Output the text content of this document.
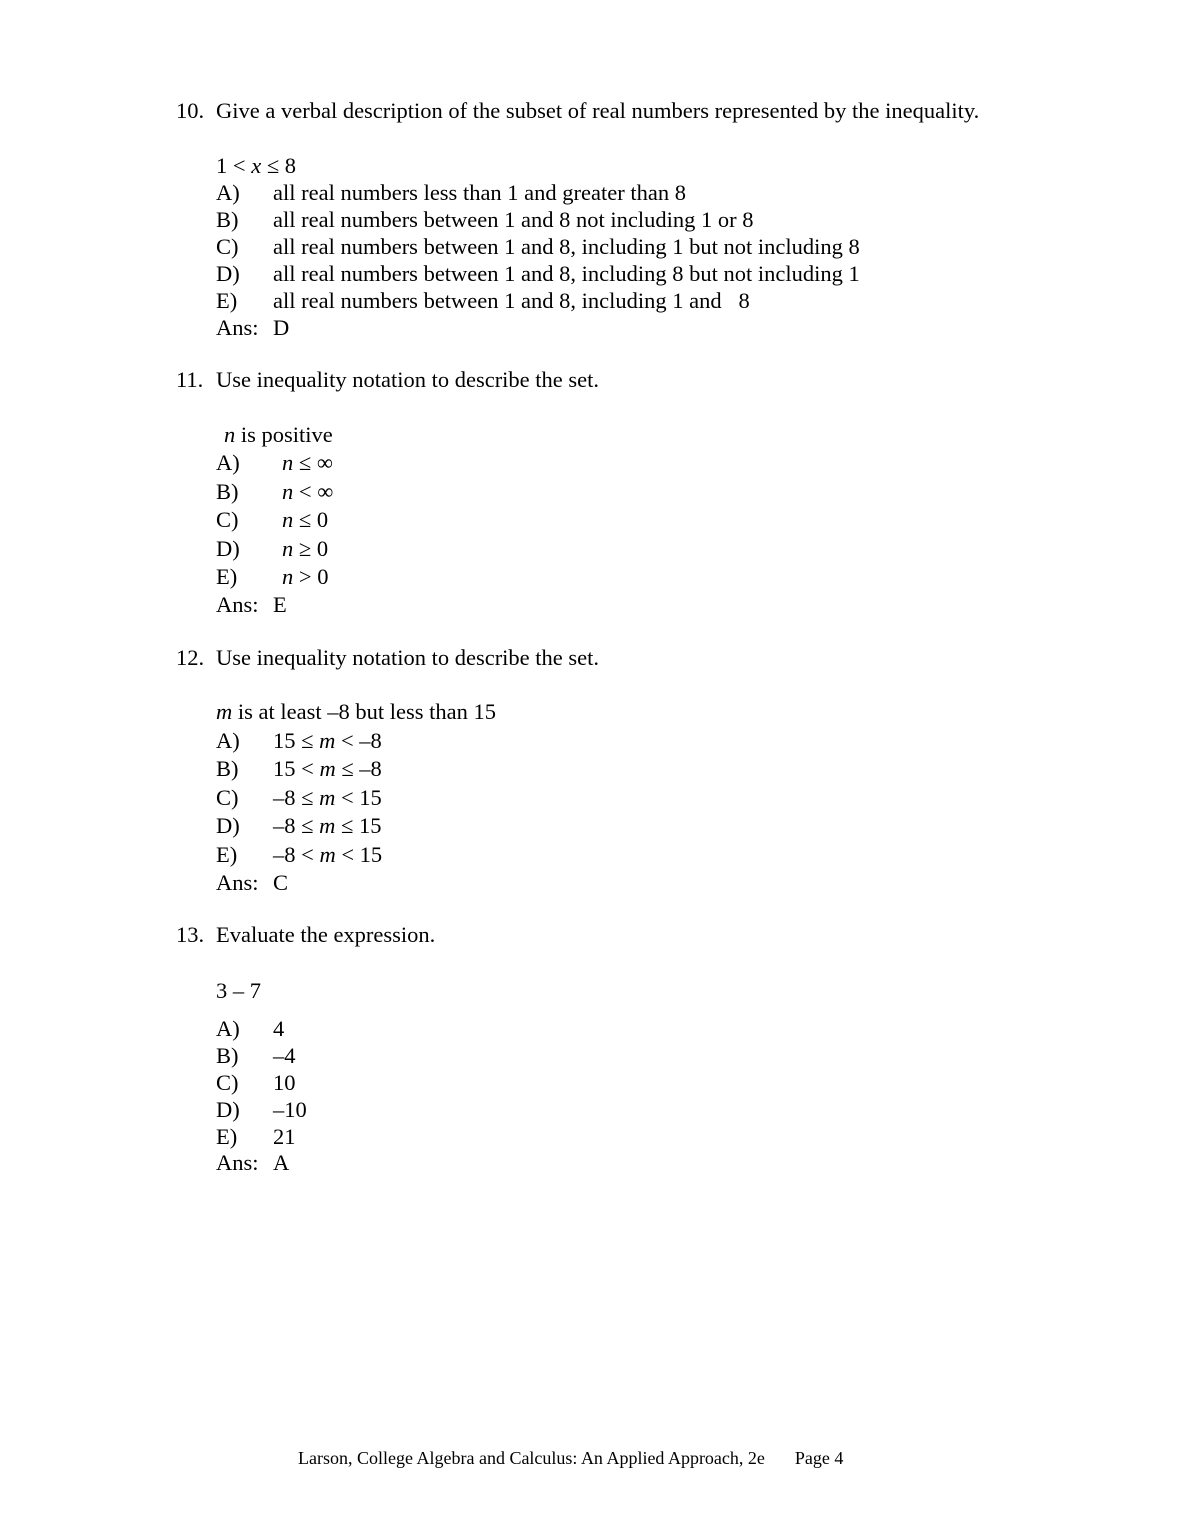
10. Give a verbal description of the subset of real numbers represented by the inequality.
1 < x ≤ 8
A) all real numbers less than 1 and greater than 8
B) all real numbers between 1 and 8 not including 1 or 8
C) all real numbers between 1 and 8, including 1 but not including 8
D) all real numbers between 1 and 8, including 8 but not including 1
E) all real numbers between 1 and 8, including 1 and   8
Ans: D
11. Use inequality notation to describe the set.
n is positive
A) n ≤ ∞
B) n < ∞
C) n ≤ 0
D) n ≥ 0
E) n > 0
Ans: E
12. Use inequality notation to describe the set.
m is at least –8 but less than 15
A) 15 ≤ m < –8
B) 15 < m ≤ –8
C) –8 ≤ m < 15
D) –8 ≤ m ≤ 15
E) –8 < m < 15
Ans: C
13. Evaluate the expression.
3 – 7
A) 4
B) –4
C) 10
D) –10
E) 21
Ans: A
Larson, College Algebra and Calculus: An Applied Approach, 2e Page 4
